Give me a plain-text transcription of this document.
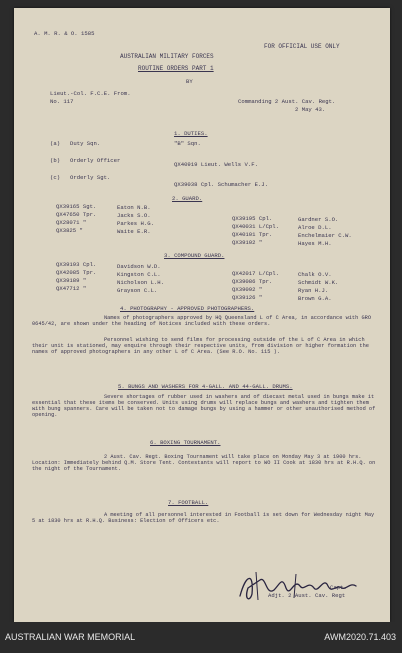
A. M. R. & O. 1585
FOR OFFICIAL USE ONLY
AUSTRALIAN MILITARY FORCES
ROUTINE ORDERS PART 1
BY
Lieut.-Col. F.C.E. From.
No. 117	Commanding 2 Aust. Cav. Regt.
2 May 43.
1. DUTIES.
(a) Duty Sqn.	"B" Sqn.
(b) Orderly Officer
QX40919 Lieut. Wells V.F.
(c) Orderly Sgt.
QX39038 Cpl. Schumacher E.J.
2. GUARD.
QX39165 Sgt.	Eaton N.B.
QX47650 Tpr.	Jacks S.O.
QX28071 "	Parkes H.G.
QX3825 "	Waite E.R.
QX39195 Cpl.	Gardner S.O.
QX40031 L/Cpl.	Alroe D.L.
QX40101 Tpr.	Enchelmaier C.W.
QX39102 "	Hayes M.H.
3. COMPOUND GUARD.
QX39193 Cpl.	Davidson W.D.
QX42085 Tpr.	Kingston C.L.
QX39189 "	Nicholson L.H.
QX47712 "	Grayson C.L.
QX42017 L/Cpl.	Chalk O.V.
QX39086 Tpr.	Schmidt W.K.
QX39092 "	Ryan H.J.
QX39126 "	Brown G.A.
4. PHOTOGRAPHY - APPROVED PHOTOGRAPHERS.
Names of photographers approved by HQ Queensland L of C Area, in accordance with GRO 0645/42, are shown under the heading of Notices included with these orders.
Personnel wishing to send films for processing outside of the L of C Area in which their unit is stationed, may enquire through their respective units, from division or higher formation the names of approved photographers in any other L of C Area. (See R.O. No. 115 ).
5. BUNGS AND WASHERS FOR 4-GALL. AND 44-GALL. DRUMS.
Severe shortages of rubber used in washers and of diecast metal used in bungs make it essential that these items be conserved. Units using drums will replace bungs and washers and tighten them with bung spanners. Care will be taken not to damage bungs by using a hammer or other unauthorised method of opening.
6. BOXING TOURNAMENT.
2 Aust. Cav. Regt. Boxing Tournament will take place on Monday May 3 at 1900 hrs. Location: Immediately behind Q.M. Store Tent. Contestants will report to WO II Cook at 1830 hrs at R.H.Q. on the night of the Tournament.
7. FOOTBALL.
A meeting of all personnel interested in Football is set down for Wednesday night May 5 at 1830 hrs at R.H.Q. Business: Election of Officers etc.
Capt.
Adjt. 2 Aust. Cav. Regt
AUSTRALIAN WAR MEMORIAL	AWM2020.71.403
